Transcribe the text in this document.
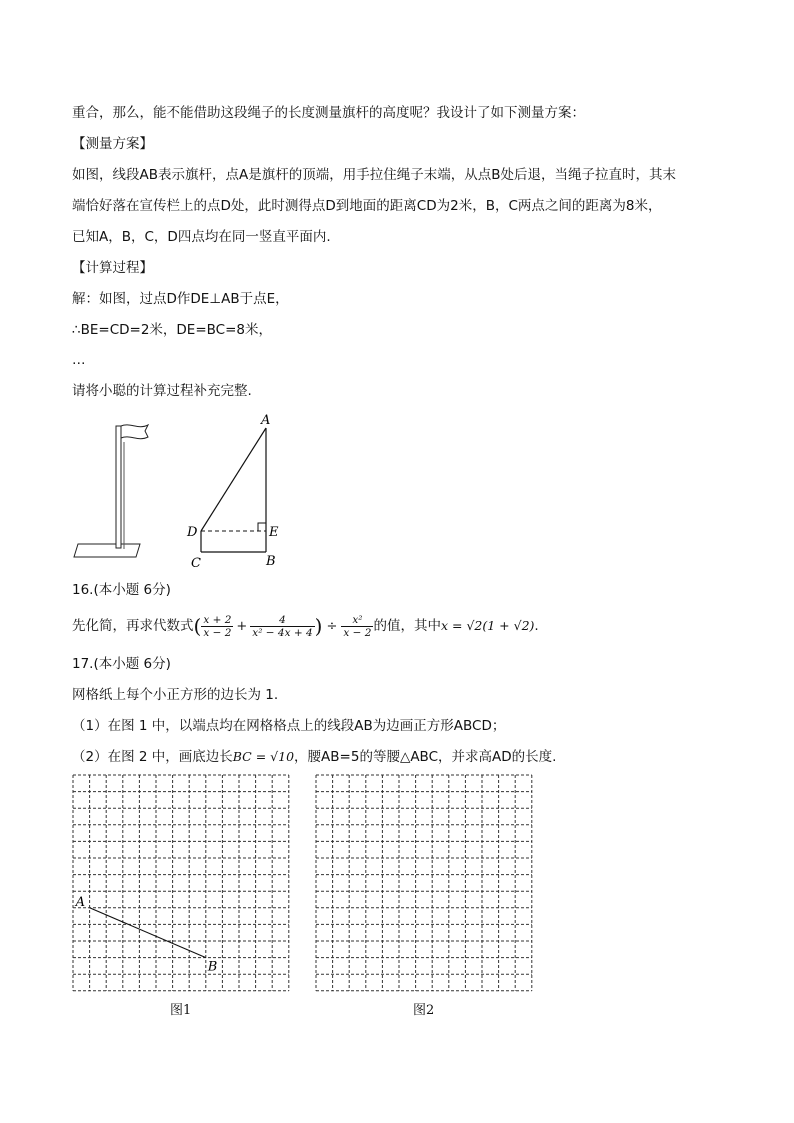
重合，那么，能不能借助这段绳子的长度测量旗杆的高度呢？我设计了如下测量方案：
【测量方案】
如图，线段AB表示旗杆，点A是旗杆的顶端，用手拉住绳子末端，从点B处后退，当绳子拉直时，其末
端恰好落在宣传栏上的点D处，此时测得点D到地面的距离CD为2米，B，C两点之间的距离为8米，
已知A，B，C，D四点均在同一竖直平面内.
【计算过程】
解：如图，过点D作DE⊥AB于点E，
∴BE=CD=2米，DE=BC=8米，
…
请将小聪的计算过程补充完整.
A
D	E
C	B
16.(本小题 6分)
先化简，再求代数式( $\frac{x + 2}{x - 2} + \frac{4}{\text{x² − 4x + 4}}$ ) ÷ $\frac{\text{x²}}{x - 2}$ 的值，其中x = √2(1 + √2).
17.(本小题 6分)
网格纸上每个小正方形的边长为 1.
（1）在图 1 中，以端点均在网格格点上的线段AB为边画正方形ABCD；
（2）在图 2 中，画底边长BC = √10，腰AB=5的等腰△ABC，并求高AD的长度.
A
B
图1	图2
